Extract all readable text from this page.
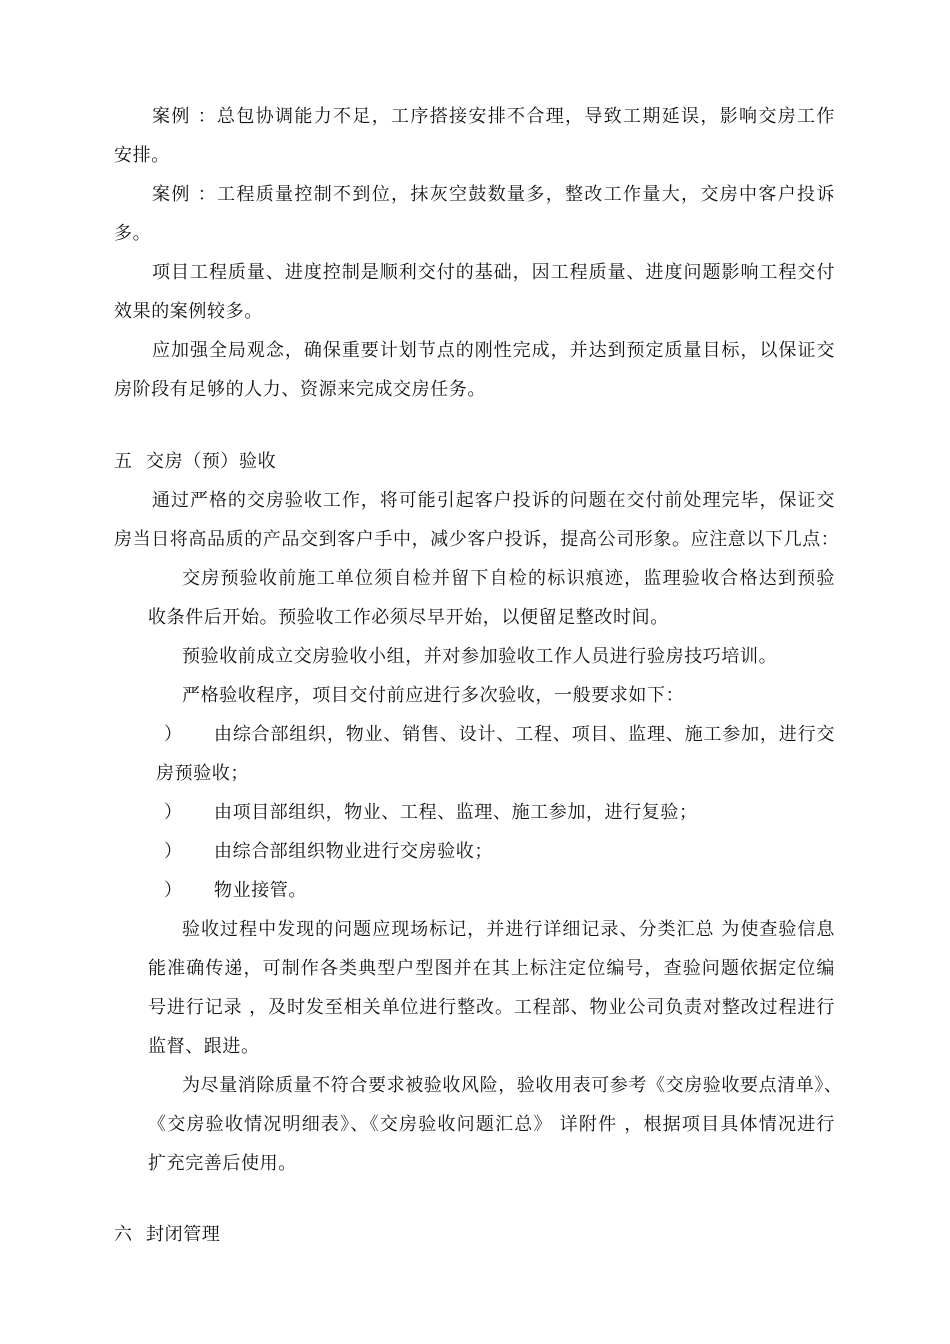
案例 ：总包协调能力不足，工序搭接安排不合理，导致工期延误，影响交房工作
安排。
案例 ：工程质量控制不到位，抹灰空鼓数量多，整改工作量大，交房中客户投诉
多。
项目工程质量、进度控制是顺利交付的基础，因工程质量、进度问题影响工程交付
效果的案例较多。
应加强全局观念，确保重要计划节点的刚性完成，并达到预定质量目标，以保证交
房阶段有足够的人力、资源来完成交房任务。
五 交房（预）验收
通过严格的交房验收工作，将可能引起客户投诉的问题在交付前处理完毕，保证交
房当日将高品质的产品交到客户手中，减少客户投诉，提高公司形象。应注意以下几点：
交房预验收前施工单位须自检并留下自检的标识痕迹，监理验收合格达到预验
收条件后开始。预验收工作必须尽早开始，以便留足整改时间。
预验收前成立交房验收小组，并对参加验收工作人员进行验房技巧培训。
严格验收程序，项目交付前应进行多次验收，一般要求如下：
） 由综合部组织，物业、销售、设计、工程、项目、监理、施工参加，进行交
房预验收；
） 由项目部组织，物业、工程、监理、施工参加，进行复验；
） 由综合部组织物业进行交房验收；
） 物业接管。
验收过程中发现的问题应现场标记，并进行详细记录、分类汇总 为使查验信息
能准确传递，可制作各类典型户型图并在其上标注定位编号，查验问题依据定位编
号进行记录 ，及时发至相关单位进行整改。工程部、物业公司负责对整改过程进行
监督、跟进。
为尽量消除质量不符合要求被验收风险，验收用表可参考《交房验收要点清单》、
《交房验收情况明细表》、《交房验收问题汇总》 详附件 ，根据项目具体情况进行
扩充完善后使用。
六 封闭管理
